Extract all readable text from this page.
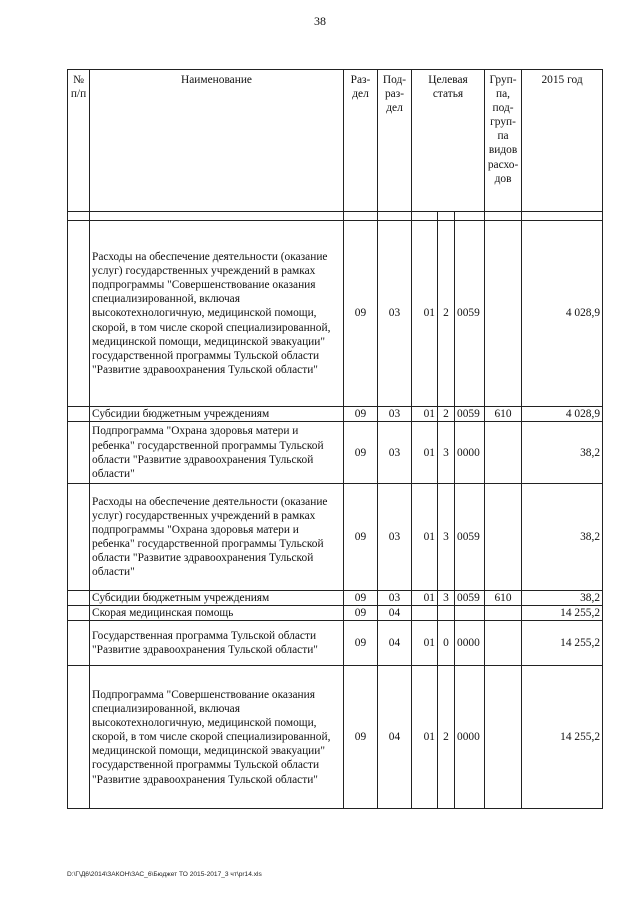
38
№ п/п	Наименование	Раз-дел	Под-раз-дел	Целевая статья			Груп-па, под-груп-па видов расхо-дов	2015 год

	Расходы на обеспечение деятельности (оказание услуг) государственных учреждений в рамках подпрограммы "Совершенствование оказания специализированной, включая высокотехнологичную, медицинской помощи, скорой, в том числе скорой специализированной, медицинской помощи, медицинской эвакуации" государственной программы Тульской области "Развитие здравоохранения Тульской области"	09	03	01	2	0059		4 028,9
	Субсидии бюджетным учреждениям	09	03	01	2	0059	610	4 028,9
	Подпрограмма "Охрана здоровья матери и ребенка" государственной программы Тульской области "Развитие здравоохранения Тульской области"	09	03	01	3	0000		38,2
	Расходы на обеспечение деятельности (оказание услуг) государственных учреждений в рамках подпрограммы "Охрана здоровья матери и ребенка" государственной программы Тульской области "Развитие здравоохранения Тульской области"	09	03	01	3	0059		38,2
	Субсидии бюджетным учреждениям	09	03	01	3	0059	610	38,2
	Скорая медицинская помощь	09	04					14 255,2
	Государственная программа Тульской области "Развитие здравоохранения Тульской области"	09	04	01	0	0000		14 255,2
	Подпрограмма "Совершенствование оказания специализированной, включая высокотехнологичную, медицинской помощи, скорой, в том числе скорой специализированной, медицинской помощи, медицинской эвакуации" государственной программы Тульской области "Развитие здравоохранения Тульской области"	09	04	01	2	0000		14 255,2
D:\Г\Д6\2014\ЗАКОН\ЗАС_6\Бюджет ТО 2015-2017_3 чт\pr14.xls
